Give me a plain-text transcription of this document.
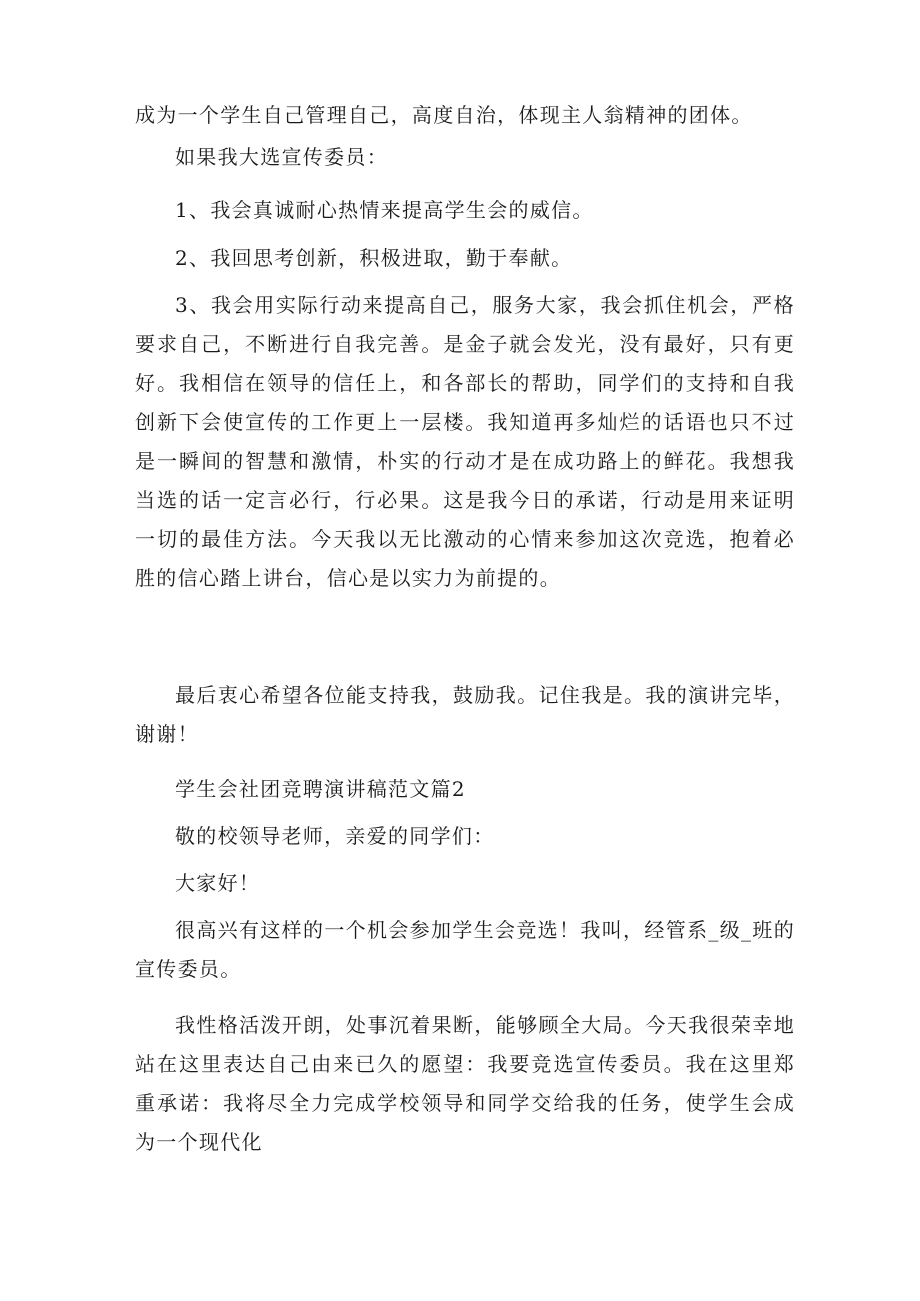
成为一个学生自己管理自己，高度自治，体现主人翁精神的团体。

如果我大选宣传委员：

1、我会真诚耐心热情来提高学生会的威信。

2、我回思考创新，积极进取，勤于奉献。

3、我会用实际行动来提高自己，服务大家，我会抓住机会，严格要求自己，不断进行自我完善。是金子就会发光，没有最好，只有更好。我相信在领导的信任上，和各部长的帮助，同学们的支持和自我创新下会使宣传的工作更上一层楼。我知道再多灿烂的话语也只不过是一瞬间的智慧和激情，朴实的行动才是在成功路上的鲜花。我想我当选的话一定言必行，行必果。这是我今日的承诺，行动是用来证明一切的最佳方法。今天我以无比激动的心情来参加这次竞选，抱着必胜的信心踏上讲台，信心是以实力为前提的。

最后衷心希望各位能支持我，鼓励我。记住我是。我的演讲完毕，谢谢！

学生会社团竞聘演讲稿范文篇2

敬的校领导老师，亲爱的同学们：

大家好！

很高兴有这样的一个机会参加学生会竞选！我叫，经管系_级_班的宣传委员。

我性格活泼开朗，处事沉着果断，能够顾全大局。今天我很荣幸地站在这里表达自己由来已久的愿望：我要竞选宣传委员。我在这里郑重承诺：我将尽全力完成学校领导和同学交给我的任务，使学生会成为一个现代化
